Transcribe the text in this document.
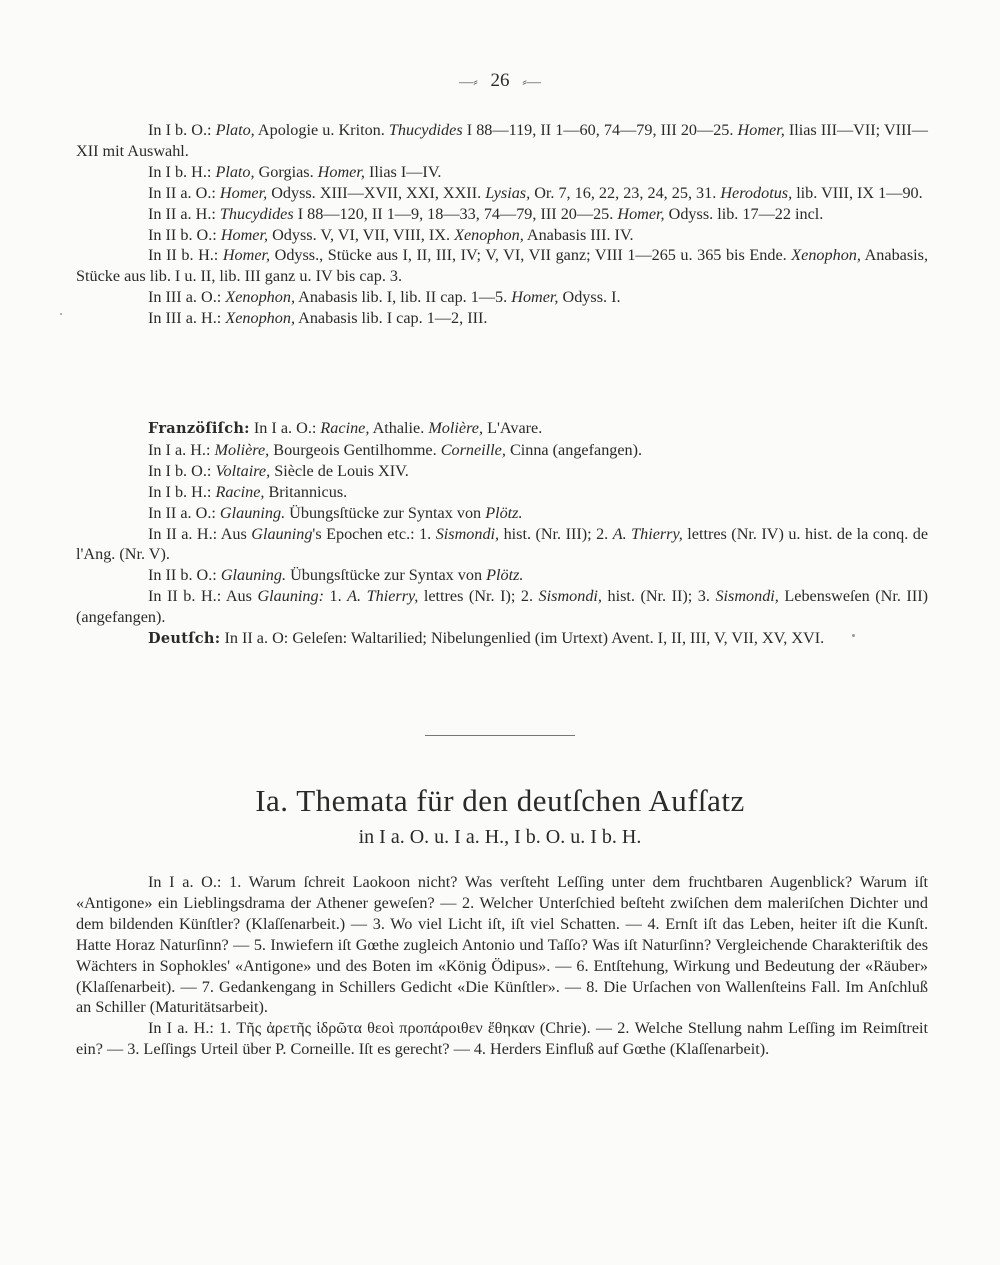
—⸗ 26 ⸗—

In I b. O.: Plato, Apologie u. Kriton. Thucydides I 88—119, II 1—60, 74—79, III 20—25. Homer, Ilias III—VII; VIII—XII mit Auswahl.

In I b. H.: Plato, Gorgias. Homer, Ilias I—IV.

In II a. O.: Homer, Odyss. XIII—XVII, XXI, XXII. Lysias, Or. 7, 16, 22, 23, 24, 25, 31. Herodotus, lib. VIII, IX 1—90.

In II a. H.: Thucydides I 88—120, II 1—9, 18—33, 74—79, III 20—25. Homer, Odyss. lib. 17—22 incl.

In II b. O.: Homer, Odyss. V, VI, VII, VIII, IX. Xenophon, Anabasis III. IV.

In II b. H.: Homer, Odyss., Stücke aus I, II, III, IV; V, VI, VII ganz; VIII 1—265 u. 365 bis Ende. Xenophon, Anabasis, Stücke aus lib. I u. II, lib. III ganz u. IV bis cap. 3.

In III a. O.: Xenophon, Anabasis lib. I, lib. II cap. 1—5. Homer, Odyss. I.

In III a. H.: Xenophon, Anabasis lib. I cap. 1—2, III.

Franzöſiſch: In I a. O.: Racine, Athalie. Molière, L'Avare.

In I a. H.: Molière, Bourgeois Gentilhomme. Corneille, Cinna (angefangen).

In I b. O.: Voltaire, Siècle de Louis XIV.

In I b. H.: Racine, Britannicus.

In II a. O.: Glauning. Übungsſtücke zur Syntax von Plötz.

In II a. H.: Aus Glauning's Epochen etc.: 1. Sismondi, hist. (Nr. III); 2. A. Thierry, lettres (Nr. IV) u. hist. de la conq. de l'Ang. (Nr. V).

In II b. O.: Glauning. Übungsſtücke zur Syntax von Plötz.

In II b. H.: Aus Glauning: 1. A. Thierry, lettres (Nr. I); 2. Sismondi, hist. (Nr. II); 3. Sismondi, Lebensweſen (Nr. III) (angefangen).

Deutſch: In II a. O: Geleſen: Waltarilied; Nibelungenlied (im Urtext) Avent. I, II, III, V, VII, XV, XVI.

Ia. Themata für den deutſchen Aufſatz
in I a. O. u. I a. H., I b. O. u. I b. H.

In I a. O.: 1. Warum ſchreit Laokoon nicht? Was verſteht Leſſing unter dem fruchtbaren Augenblick? Warum iſt «Antigone» ein Lieblingsdrama der Athener geweſen? — 2. Welcher Unterſchied beſteht zwiſchen dem maleriſchen Dichter und dem bildenden Künſtler? (Klaſſenarbeit.) — 3. Wo viel Licht iſt, iſt viel Schatten. — 4. Ernſt iſt das Leben, heiter iſt die Kunſt. Hatte Horaz Naturſinn? — 5. Inwiefern iſt Gœthe zugleich Antonio und Taſſo? Was iſt Naturſinn? Vergleichende Charakteriſtik des Wächters in Sophokles' «Antigone» und des Boten im «König Ödipus». — 6. Entſtehung, Wirkung und Bedeutung der «Räuber» (Klaſſenarbeit). — 7. Gedankengang in Schillers Gedicht «Die Künſtler». — 8. Die Urſachen von Wallenſteins Fall. Im Anſchluß an Schiller (Maturitätsarbeit).

In I a. H.: 1. Τῆς ἀρετῆς ἱδρῶτα θεοὶ προπάροιθεν ἔθηκαν (Chrie). — 2. Welche Stellung nahm Leſſing im Reimſtreit ein? — 3. Leſſings Urteil über P. Corneille. Iſt es gerecht? — 4. Herders Einfluß auf Gœthe (Klaſſenarbeit).
